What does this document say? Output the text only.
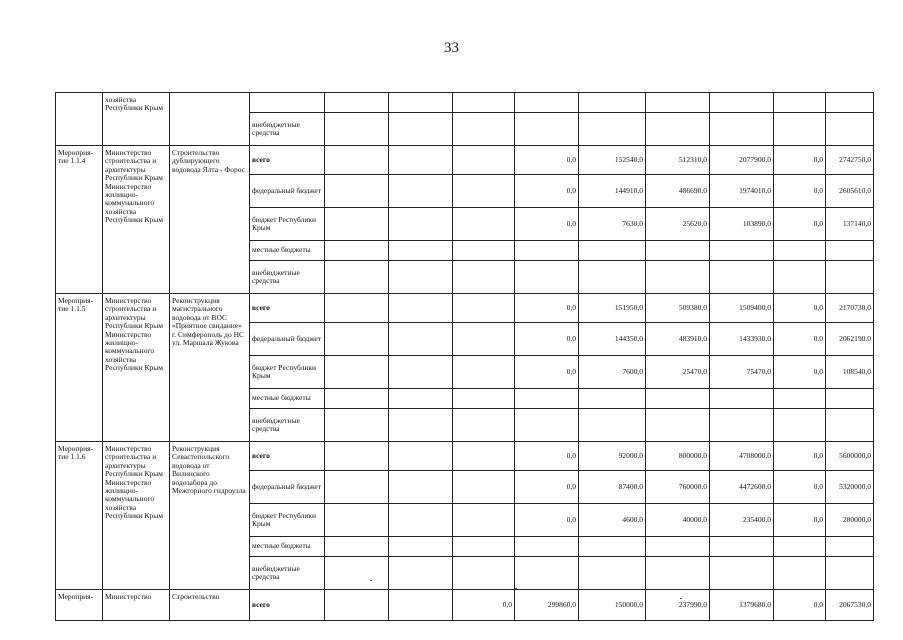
33
	хозяйства Республики Крым											
			внебюджетные средства									
Мероприя-тие 1.1.4	Министерство строительства и архитектуры Республики Крым Министерство жилищно-коммунального хозяйства Республики Крым	Строительство дублирующего водовода Ялта - Форос	всего				0,0	152540,0	512310,0	2077900,0	0,0	2742750,0
			федеральный бюджет				0,0	144910,0	486690,0	1974010,0	0,0	2605610,0
			бюджет Республики Крым				0,0	7630,0	25620,0	103890,0	0,0	137140,0
			местные бюджеты									
			внебюджетные средства									
Мероприя-тие 1.1.5	Министерство строительства и архитектуры Республики Крым Министерство жилищно-коммунального хозяйства Республики Крым	Реконструкция магистрального водовода от ВОС «Приятное свидание» г. Симферополь до НС ул. Маршала Жукова	всего				0,0	151950,0	509380,0	1509400,0	0,0	2170730,0
			федеральный бюджет				0,0	144350,0	483910,0	1433930,0	0,0	2062190,0
			бюджет Республики Крым				0,0	7600,0	25470,0	75470,0	0,0	108540,0
			местные бюджеты									
			внебюджетные средства									
Мероприя-тие 1.1.6	Министерство строительства и архитектуры Республики Крым Министерство жилищно-коммунального хозяйства Республики Крым	Реконструкция Севастопольского водовода от Вилинского водозабора до Межгорного гидроузла	всего				0,0	92000,0	800000,0	4708000,0	0,0	5600000,0
			федеральный бюджет				0,0	87400,0	760000,0	4472600,0	0,0	5320000,0
			бюджет Республики Крым				0,0	4600,0	40000,0	235400,0	0,0	280000,0
			местные бюджеты									
			внебюджетные средства									
Мероприя-	Министерство	Строительство	всего			0,0	299860,0	150000,0	237990,0	1379680,0	0,0	2067530,0
